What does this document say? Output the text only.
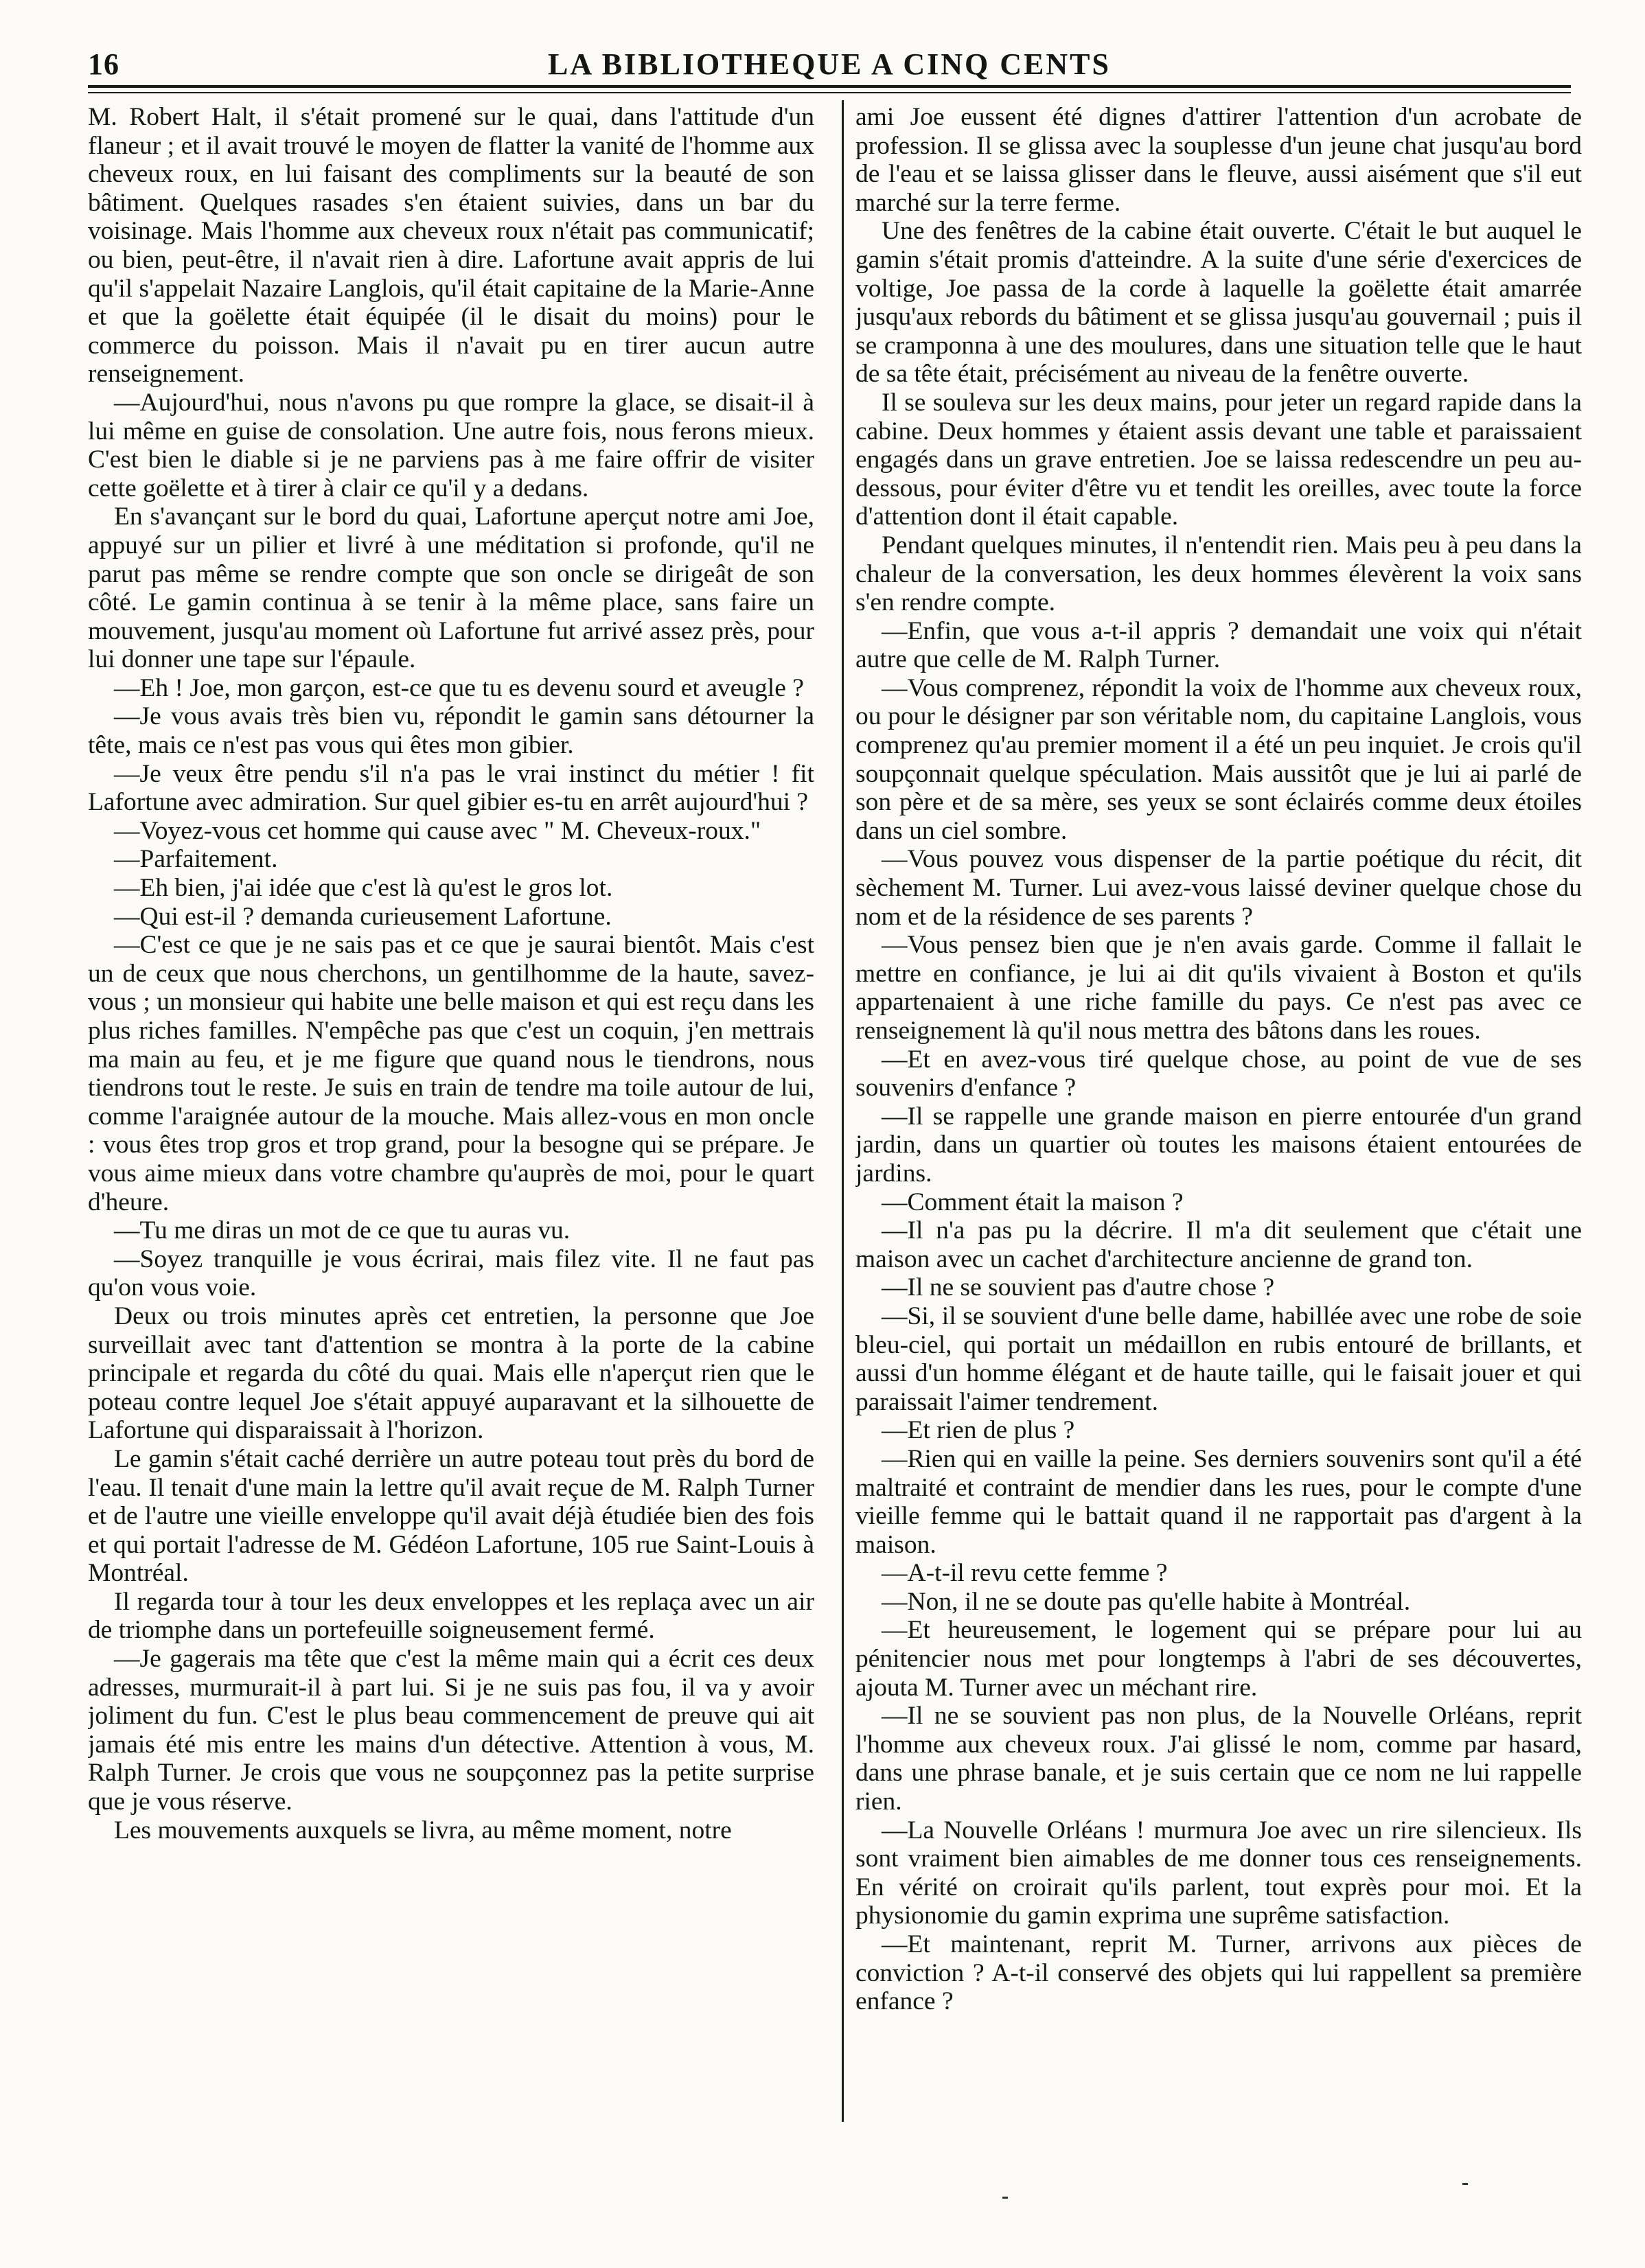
16	LA BIBLIOTHEQUE A CINQ CENTS

M. Robert Halt, il s'était promené sur le quai, dans l'attitude d'un flaneur ; et il avait trouvé le moyen de flatter la vanité de l'homme aux cheveux roux, en lui faisant des compliments sur la beauté de son bâtiment. Quelques rasades s'en étaient suivies, dans un bar du voisinage. Mais l'homme aux cheveux roux n'était pas communicatif; ou bien, peut-être, il n'avait rien à dire. Lafortune avait appris de lui qu'il s'appelait Nazaire Langlois, qu'il était capitaine de la Marie-Anne et que la goëlette était équipée (il le disait du moins) pour le commerce du poisson. Mais il n'avait pu en tirer aucun autre renseignement.

—Aujourd'hui, nous n'avons pu que rompre la glace, se disait-il à lui même en guise de consolation. Une autre fois, nous ferons mieux. C'est bien le diable si je ne parviens pas à me faire offrir de visiter cette goëlette et à tirer à clair ce qu'il y a dedans.

En s'avançant sur le bord du quai, Lafortune aperçut notre ami Joe, appuyé sur un pilier et livré à une méditation si profonde, qu'il ne parut pas même se rendre compte que son oncle se dirigeât de son côté. Le gamin continua à se tenir à la même place, sans faire un mouvement, jusqu'au moment où Lafortune fut arrivé assez près, pour lui donner une tape sur l'épaule.

—Eh ! Joe, mon garçon, est-ce que tu es devenu sourd et aveugle ?

—Je vous avais très bien vu, répondit le gamin sans détourner la tête, mais ce n'est pas vous qui êtes mon gibier.

—Je veux être pendu s'il n'a pas le vrai instinct du métier ! fit Lafortune avec admiration. Sur quel gibier es-tu en arrêt aujourd'hui ?

—Voyez-vous cet homme qui cause avec " M. Cheveux-roux."

—Parfaitement.

—Eh bien, j'ai idée que c'est là qu'est le gros lot.

—Qui est-il ? demanda curieusement Lafortune.

—C'est ce que je ne sais pas et ce que je saurai bientôt. Mais c'est un de ceux que nous cherchons, un gentilhomme de la haute, savez-vous ; un monsieur qui habite une belle maison et qui est reçu dans les plus riches familles. N'empêche pas que c'est un coquin, j'en mettrais ma main au feu, et je me figure que quand nous le tiendrons, nous tiendrons tout le reste. Je suis en train de tendre ma toile autour de lui, comme l'araignée autour de la mouche. Mais allez-vous en mon oncle : vous êtes trop gros et trop grand, pour la besogne qui se prépare. Je vous aime mieux dans votre chambre qu'auprès de moi, pour le quart d'heure.

—Tu me diras un mot de ce que tu auras vu.

—Soyez tranquille je vous écrirai, mais filez vite. Il ne faut pas qu'on vous voie.

Deux ou trois minutes après cet entretien, la personne que Joe surveillait avec tant d'attention se montra à la porte de la cabine principale et regarda du côté du quai. Mais elle n'aperçut rien que le poteau contre lequel Joe s'était appuyé auparavant et la silhouette de Lafortune qui disparaissait à l'horizon.

Le gamin s'était caché derrière un autre poteau tout près du bord de l'eau. Il tenait d'une main la lettre qu'il avait reçue de M. Ralph Turner et de l'autre une vieille enveloppe qu'il avait déjà étudiée bien des fois et qui portait l'adresse de M. Gédéon Lafortune, 105 rue Saint-Louis à Montréal.

Il regarda tour à tour les deux enveloppes et les replaça avec un air de triomphe dans un portefeuille soigneusement fermé.

—Je gagerais ma tête que c'est la même main qui a écrit ces deux adresses, murmurait-il à part lui. Si je ne suis pas fou, il va y avoir joliment du fun. C'est le plus beau commencement de preuve qui ait jamais été mis entre les mains d'un détective. Attention à vous, M. Ralph Turner. Je crois que vous ne soupçonnez pas la petite surprise que je vous réserve.

Les mouvements auxquels se livra, au même moment, notre

ami Joe eussent été dignes d'attirer l'attention d'un acrobate de profession. Il se glissa avec la souplesse d'un jeune chat jusqu'au bord de l'eau et se laissa glisser dans le fleuve, aussi aisément que s'il eut marché sur la terre ferme.

Une des fenêtres de la cabine était ouverte. C'était le but auquel le gamin s'était promis d'atteindre. A la suite d'une série d'exercices de voltige, Joe passa de la corde à laquelle la goëlette était amarrée jusqu'aux rebords du bâtiment et se glissa jusqu'au gouvernail ; puis il se cramponna à une des moulures, dans une situation telle que le haut de sa tête était, précisément au niveau de la fenêtre ouverte.

Il se souleva sur les deux mains, pour jeter un regard rapide dans la cabine. Deux hommes y étaient assis devant une table et paraissaient engagés dans un grave entretien. Joe se laissa redescendre un peu au-dessous, pour éviter d'être vu et tendit les oreilles, avec toute la force d'attention dont il était capable.

Pendant quelques minutes, il n'entendit rien. Mais peu à peu dans la chaleur de la conversation, les deux hommes élevèrent la voix sans s'en rendre compte.

—Enfin, que vous a-t-il appris ? demandait une voix qui n'était autre que celle de M. Ralph Turner.

—Vous comprenez, répondit la voix de l'homme aux cheveux roux, ou pour le désigner par son véritable nom, du capitaine Langlois, vous comprenez qu'au premier moment il a été un peu inquiet. Je crois qu'il soupçonnait quelque spéculation. Mais aussitôt que je lui ai parlé de son père et de sa mère, ses yeux se sont éclairés comme deux étoiles dans un ciel sombre.

—Vous pouvez vous dispenser de la partie poétique du récit, dit sèchement M. Turner. Lui avez-vous laissé deviner quelque chose du nom et de la résidence de ses parents ?

—Vous pensez bien que je n'en avais garde. Comme il fallait le mettre en confiance, je lui ai dit qu'ils vivaient à Boston et qu'ils appartenaient à une riche famille du pays. Ce n'est pas avec ce renseignement là qu'il nous mettra des bâtons dans les roues.

—Et en avez-vous tiré quelque chose, au point de vue de ses souvenirs d'enfance ?

—Il se rappelle une grande maison en pierre entourée d'un grand jardin, dans un quartier où toutes les maisons étaient entourées de jardins.

—Comment était la maison ?

—Il n'a pas pu la décrire. Il m'a dit seulement que c'était une maison avec un cachet d'architecture ancienne de grand ton.

—Il ne se souvient pas d'autre chose ?

—Si, il se souvient d'une belle dame, habillée avec une robe de soie bleu-ciel, qui portait un médaillon en rubis entouré de brillants, et aussi d'un homme élégant et de haute taille, qui le faisait jouer et qui paraissait l'aimer tendrement.

—Et rien de plus ?

—Rien qui en vaille la peine. Ses derniers souvenirs sont qu'il a été maltraité et contraint de mendier dans les rues, pour le compte d'une vieille femme qui le battait quand il ne rapportait pas d'argent à la maison.

—A-t-il revu cette femme ?

—Non, il ne se doute pas qu'elle habite à Montréal.

—Et heureusement, le logement qui se prépare pour lui au pénitencier nous met pour longtemps à l'abri de ses découvertes, ajouta M. Turner avec un méchant rire.

—Il ne se souvient pas non plus, de la Nouvelle Orléans, reprit l'homme aux cheveux roux. J'ai glissé le nom, comme par hasard, dans une phrase banale, et je suis certain que ce nom ne lui rappelle rien.

—La Nouvelle Orléans ! murmura Joe avec un rire silencieux. Ils sont vraiment bien aimables de me donner tous ces renseignements. En vérité on croirait qu'ils parlent, tout exprès pour moi. Et la physionomie du gamin exprima une suprême satisfaction.

—Et maintenant, reprit M. Turner, arrivons aux pièces de conviction ? A-t-il conservé des objets qui lui rappellent sa première enfance ?
